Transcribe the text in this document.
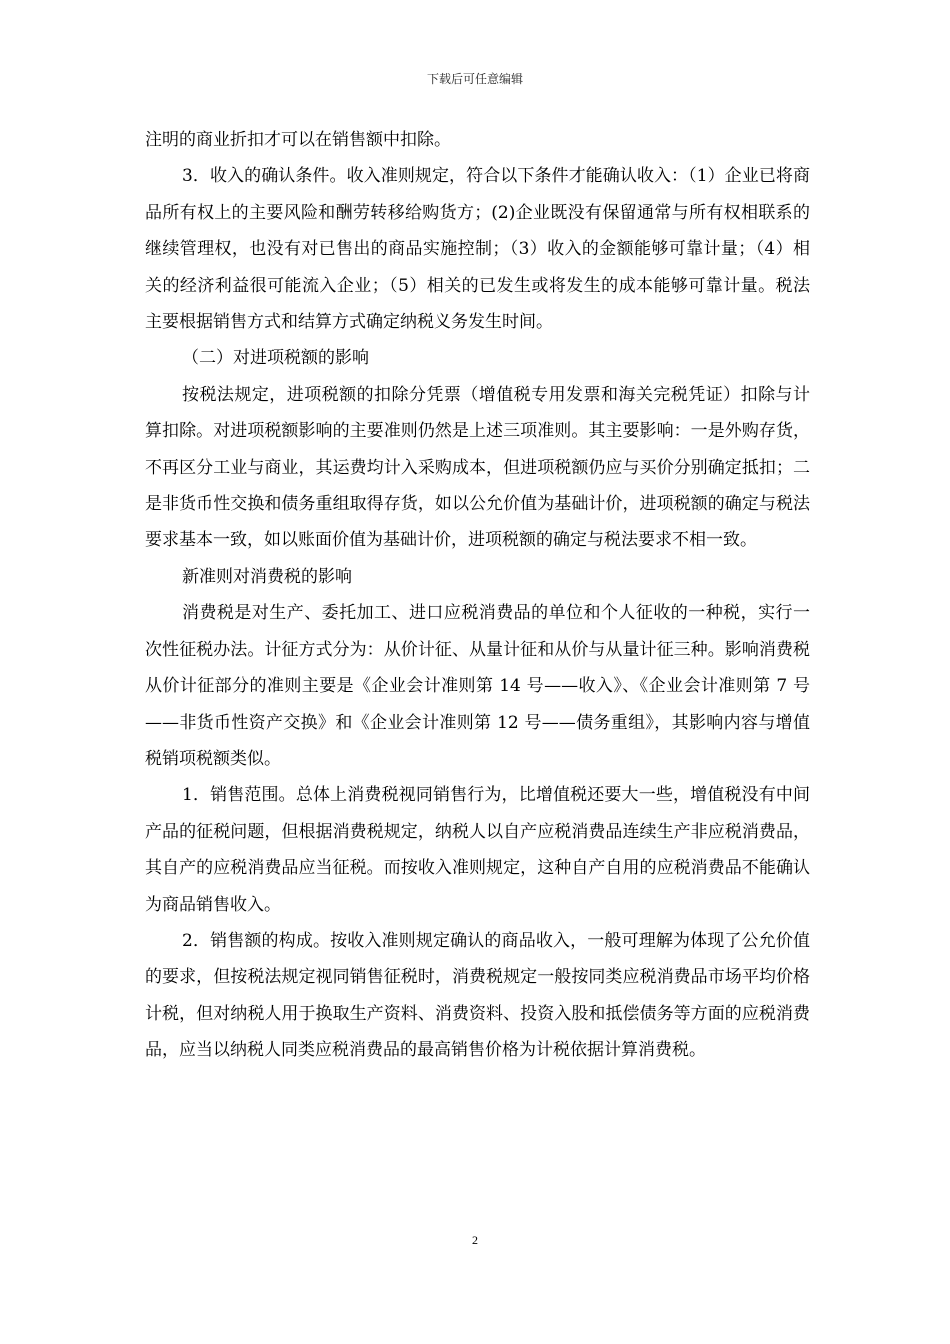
下载后可任意编辑

注明的商业折扣才可以在销售额中扣除。

3．收入的确认条件。收入准则规定，符合以下条件才能确认收入：（1）企业已将商品所有权上的主要风险和酬劳转移给购货方；(2)企业既没有保留通常与所有权相联系的继续管理权，也没有对已售出的商品实施控制；（3）收入的金额能够可靠计量；（4）相关的经济利益很可能流入企业；（5）相关的已发生或将发生的成本能够可靠计量。税法主要根据销售方式和结算方式确定纳税义务发生时间。

（二）对进项税额的影响

按税法规定，进项税额的扣除分凭票（增值税专用发票和海关完税凭证）扣除与计算扣除。对进项税额影响的主要准则仍然是上述三项准则。其主要影响：一是外购存货，不再区分工业与商业，其运费均计入采购成本，但进项税额仍应与买价分别确定抵扣；二是非货币性交换和债务重组取得存货，如以公允价值为基础计价，进项税额的确定与税法要求基本一致，如以账面价值为基础计价，进项税额的确定与税法要求不相一致。

新准则对消费税的影响

消费税是对生产、委托加工、进口应税消费品的单位和个人征收的一种税，实行一次性征税办法。计征方式分为：从价计征、从量计征和从价与从量计征三种。影响消费税从价计征部分的准则主要是《企业会计准则第 14 号——收入》、《企业会计准则第 7 号——非货币性资产交换》和《企业会计准则第 12 号——债务重组》，其影响内容与增值税销项税额类似。

1．销售范围。总体上消费税视同销售行为，比增值税还要大一些，增值税没有中间产品的征税问题，但根据消费税规定，纳税人以自产应税消费品连续生产非应税消费品，其自产的应税消费品应当征税。而按收入准则规定，这种自产自用的应税消费品不能确认为商品销售收入。

2．销售额的构成。按收入准则规定确认的商品收入，一般可理解为体现了公允价值的要求，但按税法规定视同销售征税时，消费税规定一般按同类应税消费品市场平均价格计税，但对纳税人用于换取生产资料、消费资料、投资入股和抵偿债务等方面的应税消费品，应当以纳税人同类应税消费品的最高销售价格为计税依据计算消费税。

2
